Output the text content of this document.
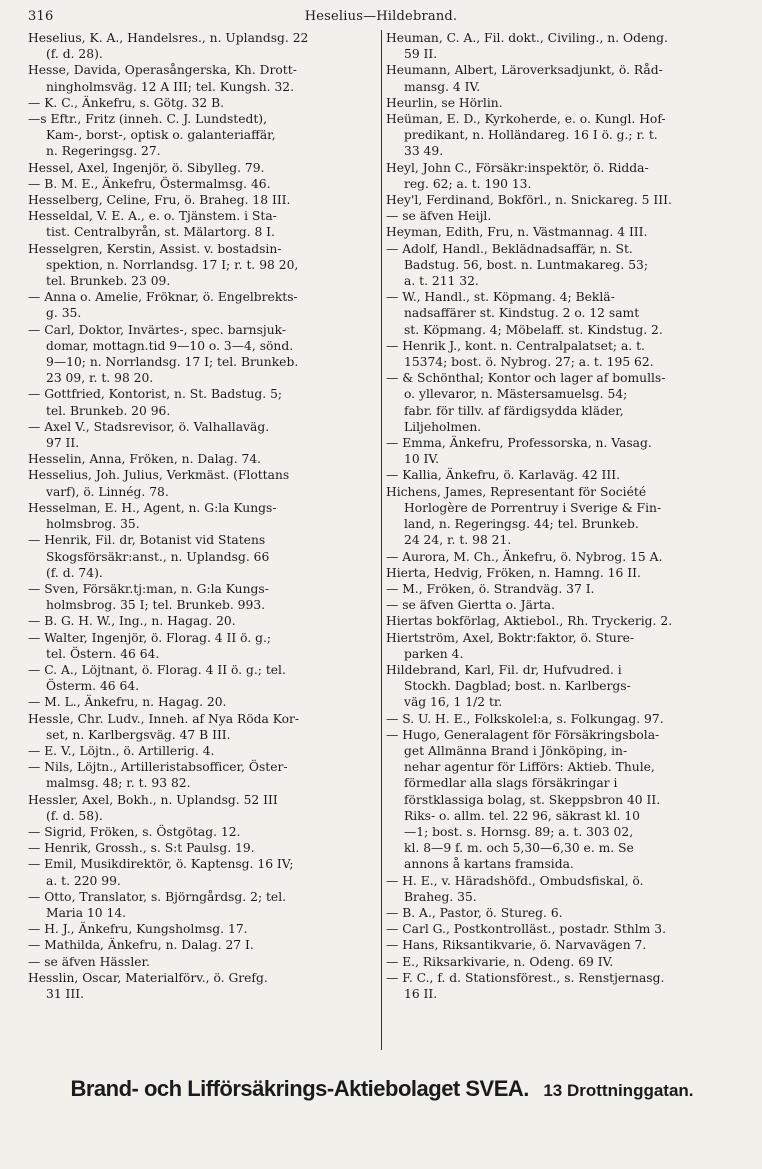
316	Heselius—Hildebrand.
Heselius, K. A., Handelsres., n. Uplandsg. 22
(f. d. 28).
Hesse, Davida, Operasångerska, Kh. Drott-
ningholmsväg. 12 A III; tel. Kungsh. 32.
— K. C., Änkefru, s. Götg. 32 B.
—s Eftr., Fritz (inneh. C. J. Lundstedt),
Kam-, borst-, optisk o. galanteriaffär,
n. Regeringsg. 27.
Hessel, Axel, Ingenjör, ö. Sibylleg. 79.
— B. M. E., Änkefru, Östermalmsg. 46.
Hesselberg, Celine, Fru, ö. Braheg. 18 III.
Hesseldal, V. E. A., e. o. Tjänstem. i Sta-
tist. Centralbyrån, st. Mälartorg. 8 I.
Hesselgren, Kerstin, Assist. v. bostadsin-
spektion, n. Norrlandsg. 17 I; r. t. 98 20,
tel. Brunkeb. 23 09.
— Anna o. Amelie, Fröknar, ö. Engelbrekts-
g. 35.
— Carl, Doktor, Invärtes-, spec. barnsjuk-
domar, mottagn.tid 9—10 o. 3—4, sönd.
9—10; n. Norrlandsg. 17 I; tel. Brunkeb.
23 09, r. t. 98 20.
— Gottfried, Kontorist, n. St. Badstug. 5;
tel. Brunkeb. 20 96.
— Axel V., Stadsrevisor, ö. Valhallaväg.
97 II.
Hesselin, Anna, Fröken, n. Dalag. 74.
Hesselius, Joh. Julius, Verkmäst. (Flottans
varf), ö. Linnég. 78.
Hesselman, E. H., Agent, n. G:la Kungs-
holmsbrog. 35.
— Henrik, Fil. dr, Botanist vid Statens
Skogsförsäkr:anst., n. Uplandsg. 66
(f. d. 74).
— Sven, Försäkr.tj:man, n. G:la Kungs-
holmsbrog. 35 I; tel. Brunkeb. 993.
— B. G. H. W., Ing., n. Hagag. 20.
— Walter, Ingenjör, ö. Florag. 4 II ö. g.;
tel. Östern. 46 64.
— C. A., Löjtnant, ö. Florag. 4 II ö. g.; tel.
Österm. 46 64.
— M. L., Änkefru, n. Hagag. 20.
Hessle, Chr. Ludv., Inneh. af Nya Röda Kor-
set, n. Karlbergsväg. 47 B III.
— E. V., Löjtn., ö. Artillerig. 4.
— Nils, Löjtn., Artilleristabsofficer, Öster-
malmsg. 48; r. t. 93 82.
Hessler, Axel, Bokh., n. Uplandsg. 52 III
(f. d. 58).
— Sigrid, Fröken, s. Östgötag. 12.
— Henrik, Grossh., s. S:t Paulsg. 19.
— Emil, Musikdirektör, ö. Kaptensg. 16 IV;
a. t. 220 99.
— Otto, Translator, s. Björngårdsg. 2; tel.
Maria 10 14.
— H. J., Änkefru, Kungsholmsg. 17.
— Mathilda, Änkefru, n. Dalag. 27 I.
— se äfven Hässler.
Hesslin, Oscar, Materialförv., ö. Grefg.
31 III.
Heuman, C. A., Fil. dokt., Civiling., n. Odeng.
59 II.
Heumann, Albert, Läroverksadjunkt, ö. Råd-
mansg. 4 IV.
Heurlin, se Hörlin.
Heüman, E. D., Kyrkoherde, e. o. Kungl. Hof-
predikant, n. Holländareg. 16 I ö. g.; r. t.
33 49.
Heyl, John C., Försäkr:inspektör, ö. Ridda-
reg. 62; a. t. 190 13.
Hey'l, Ferdinand, Bokförl., n. Snickareg. 5 III.
— se äfven Heijl.
Heyman, Edith, Fru, n. Västmannag. 4 III.
— Adolf, Handl., Beklädnadsaffär, n. St.
Badstug. 56, bost. n. Luntmakareg. 53;
a. t. 211 32.
— W., Handl., st. Köpmang. 4; Beklä-
nadsaffärer st. Kindstug. 2 o. 12 samt
st. Köpmang. 4; Möbelaff. st. Kindstug. 2.
— Henrik J., kont. n. Centralpalatset; a. t.
15374; bost. ö. Nybrog. 27; a. t. 195 62.
— & Schönthal; Kontor och lager af bomulls-
o. yllevaror, n. Mästersamuelsg. 54;
fabr. för tillv. af färdigsydda kläder,
Liljeholmen.
— Emma, Änkefru, Professorska, n. Vasag.
10 IV.
— Kallia, Änkefru, ö. Karlaväg. 42 III.
Hichens, James, Representant för Société
Horlogère de Porrentruy i Sverige & Fin-
land, n. Regeringsg. 44; tel. Brunkeb.
24 24, r. t. 98 21.
— Aurora, M. Ch., Änkefru, ö. Nybrog. 15 A.
Hierta, Hedvig, Fröken, n. Hamng. 16 II.
— M., Fröken, ö. Strandväg. 37 I.
— se äfven Giertta o. Järta.
Hiertas bokförlag, Aktiebol., Rh. Tryckerig. 2.
Hiertström, Axel, Boktr:faktor, ö. Sture-
parken 4.
Hildebrand, Karl, Fil. dr, Hufvudred. i
Stockh. Dagblad; bost. n. Karlbergs-
väg 16, 1 1/2 tr.
— S. U. H. E., Folkskolel:a, s. Folkungag. 97.
— Hugo, Generalagent för Försäkringsbola-
get Allmänna Brand i Jönköping, in-
nehar agentur för Lifförs: Aktieb. Thule,
förmedlar alla slags försäkringar i
förstklassiga bolag, st. Skeppsbron 40 II.
Riks- o. allm. tel. 22 96, säkrast kl. 10
—1; bost. s. Hornsg. 89; a. t. 303 02,
kl. 8—9 f. m. och 5,30—6,30 e. m. Se
annons å kartans framsida.
— H. E., v. Häradshöfd., Ombudsfiskal, ö.
Braheg. 35.
— B. A., Pastor, ö. Stureg. 6.
— Carl G., Postkontrolläst., postadr. Sthlm 3.
— Hans, Riksantikvarie, ö. Narvavägen 7.
— E., Riksarkivarie, n. Odeng. 69 IV.
— F. C., f. d. Stationsförest., s. Renstjernasg.
16 II.
Brand- och Lifförsäkrings-Aktiebolaget SVEA. 13 Drottninggatan.
